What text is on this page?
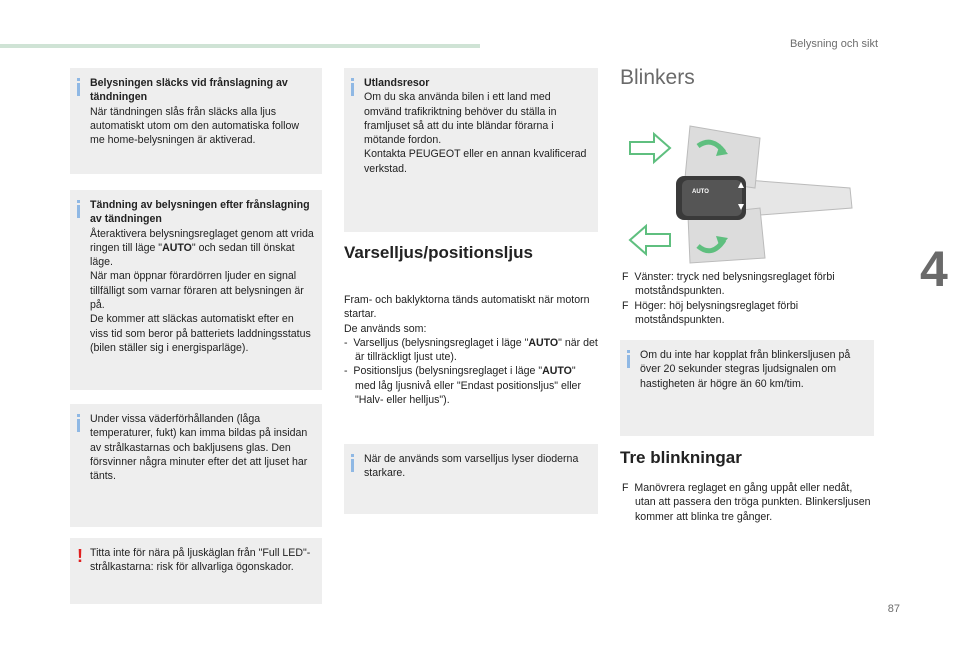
Belysning och sikt
4
87

Belysningen släcks vid frånslagning av tändningen

När tändningen slås från släcks alla ljus automatiskt utom om den automatiska follow me home-belysningen är aktiverad.

Tändning av belysningen efter frånslagning av tändningen

Återaktivera belysningsreglaget genom att vrida ringen till läge "AUTO" och sedan till önskat läge.

När man öppnar förardörren ljuder en signal tillfälligt som varnar föraren att belysningen är på.

De kommer att släckas automatiskt efter en viss tid som beror på batteriets laddningsstatus (bilen ställer sig i energisparläge).

Under vissa väderförhållanden (låga temperaturer, fukt) kan imma bildas på insidan av strålkastarnas och bakljusens glas. Den försvinner några minuter efter det att ljuset har tänts.

! Titta inte för nära på ljuskäglan från "Full LED"-strålkastarna: risk för allvarliga ögonskador.

Utlandsresor

Om du ska använda bilen i ett land med omvänd trafikriktning behöver du ställa in framljuset så att du inte bländar förarna i mötande fordon.

Kontakta PEUGEOT eller en annan kvalificerad verkstad.

Varselljus/positionsljus

Fram- och baklyktorna tänds automatiskt när motorn startar.

De används som:

- Varselljus (belysningsreglaget i läge "AUTO" när det är tillräckligt ljust ute).

- Positionsljus (belysningsreglaget i läge "AUTO" med låg ljusnivå eller "Endast positionsljus" eller "Halv- eller helljus").

När de används som varselljus lyser dioderna starkare.

Blinkers
AUTO

F Vänster: tryck ned belysningsreglaget förbi motståndspunkten.

F Höger: höj belysningsreglaget förbi motståndspunkten.

Om du inte har kopplat från blinkersljusen på över 20 sekunder stegras ljudsignalen om hastigheten är högre än 60 km/tim.

Tre blinkningar

F Manövrera reglaget en gång uppåt eller nedåt, utan att passera den tröga punkten. Blinkersljusen kommer att blinka tre gånger.
